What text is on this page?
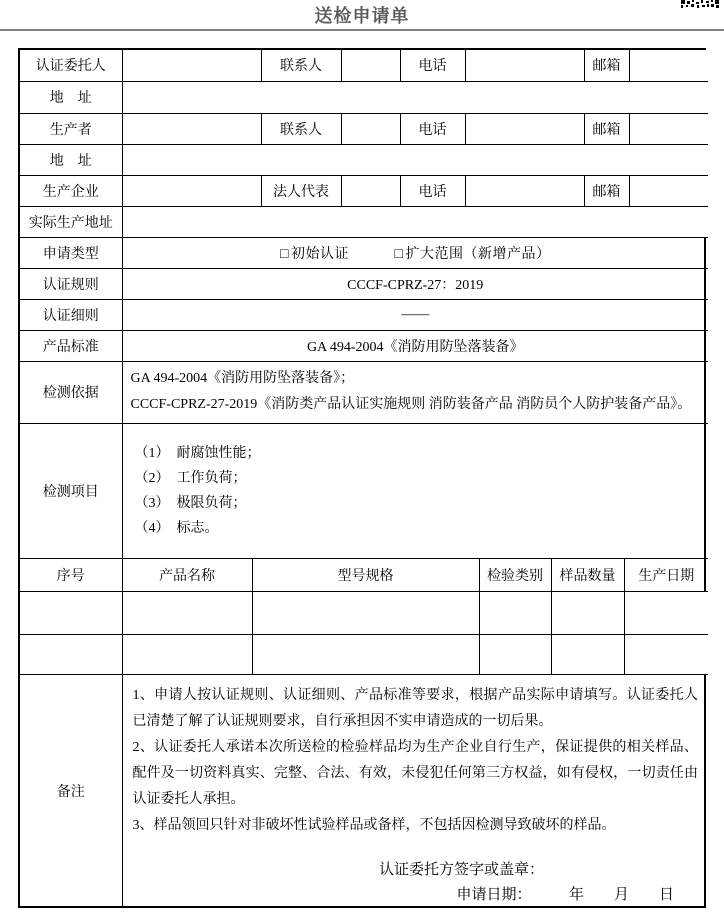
送检申请单
认证委托人		联系人		电话		邮箱	
地　址							
生产者		联系人		电话		邮箱	
地　址							
生产企业		法人代表		电话		邮箱	
实际生产地址							
申请类型	□ 初始认证 □ 扩大范围（新增产品）						
认证规则	CCCF-CPRZ-27：2019						
认证细则	——						
产品标准	GA 494-2004《消防用防坠落装备》						
检测依据	GA 494-2004《消防用防坠落装备》；
CCCF-CPRZ-27-2019《消防类产品认证实施规则 消防装备产品 消防员个人防护装备产品》。						

检测项目	（1）　耐腐蚀性能；
（2）　工作负荷；
（3）　极限负荷；
（4）　标志。						
序号	产品名称	型号规格	检验类别	样品数量	生产日期

备注	

1、申请人按认证规则、认证细则、产品标准等要求，根据产品实际申请填写。认证委托人已清楚了解了认证规则要求，自行承担因不实申请造成的一切后果。

2、认证委托人承诺本次所送检的检验样品均为生产企业自行生产，保证提供的相关样品、配件及一切资料真实、完整、合法、有效，未侵犯任何第三方权益，如有侵权，一切责任由认证委托人承担。

3、样品领回只针对非破坏性试验样品或备样，不包括因检测导致破坏的样品。

认证委托方签字或盖章：
申请日期：　　　年　　月　　日
